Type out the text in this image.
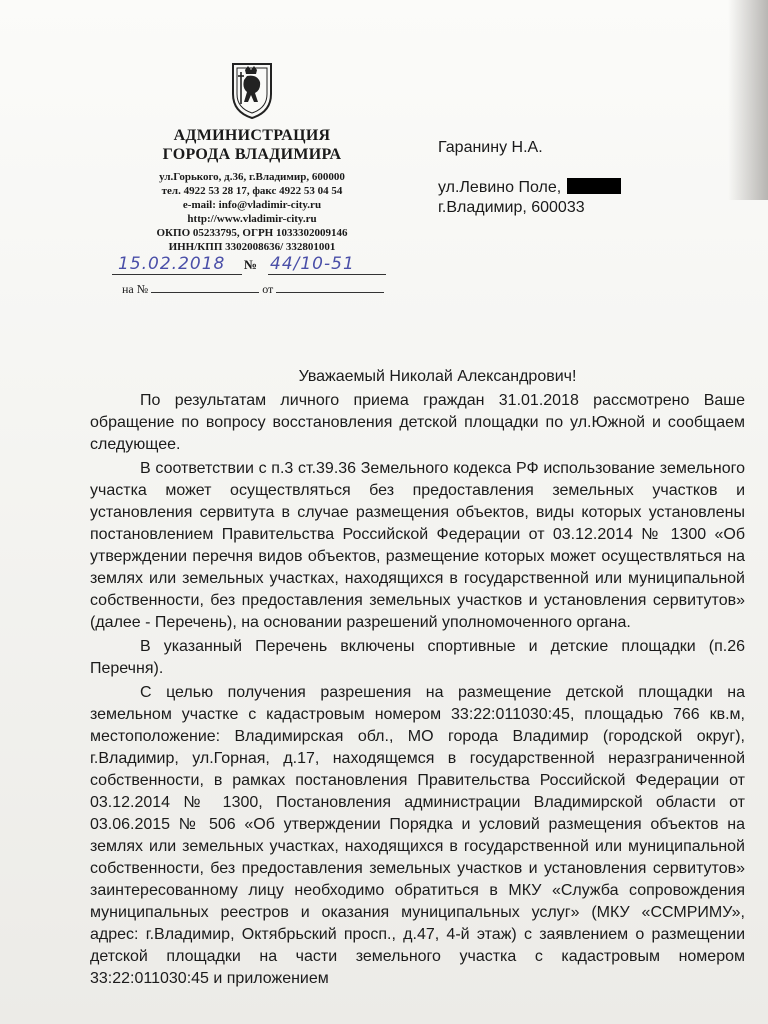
АДМИНИСТРАЦИЯ
ГОРОДА ВЛАДИМИРА
ул.Горького, д.36, г.Владимир, 600000
тел. 4922 53 28 17, факс 4922 53 04 54
e-mail: info@vladimir-city.ru
http://www.vladimir-city.ru
ОКПО 05233795, ОГРН 1033302009146
ИНН/КПП 3302008636/ 332801001
15.02.2018 № 44/10-51
на №	от
Гаранину Н.А.
ул.Левино Поле,
г.Владимир, 600033

Уважаемый Николай Александрович!

По результатам личного приема граждан 31.01.2018 рассмотрено Ваше обращение по вопросу восстановления детской площадки по ул.Южной и сообщаем следующее.

В соответствии с п.3 ст.39.36 Земельного кодекса РФ использование земельного участка может осуществляться без предоставления земельных участков и установления сервитута в случае размещения объектов, виды которых установлены постановлением Правительства Российской Федерации от 03.12.2014 № 1300 «Об утверждении перечня видов объектов, размещение которых может осуществляться на землях или земельных участках, находящихся в государственной или муниципальной собственности, без предоставления земельных участков и установления сервитутов» (далее - Перечень), на основании разрешений уполномоченного органа.

В указанный Перечень включены спортивные и детские площадки (п.26 Перечня).

С целью получения разрешения на размещение детской площадки на земельном участке с кадастровым номером 33:22:011030:45, площадью 766 кв.м, местоположение: Владимирская обл., МО города Владимир (городской округ), г.Владимир, ул.Горная, д.17, находящемся в государственной неразграниченной собственности, в рамках постановления Правительства Российской Федерации от 03.12.2014 № 1300, Постановления администрации Владимирской области от 03.06.2015 № 506 «Об утверждении Порядка и условий размещения объектов на землях или земельных участках, находящихся в государственной или муниципальной собственности, без предоставления земельных участков и установления сервитутов» заинтересованному лицу необходимо обратиться в МКУ «Служба сопровождения муниципальных реестров и оказания муниципальных услуг» (МКУ «ССМРИМУ», адрес: г.Владимир, Октябрьский просп., д.47, 4-й этаж) с заявлением о размещении детской площадки на части земельного участка с кадастровым номером 33:22:011030:45 и приложением
